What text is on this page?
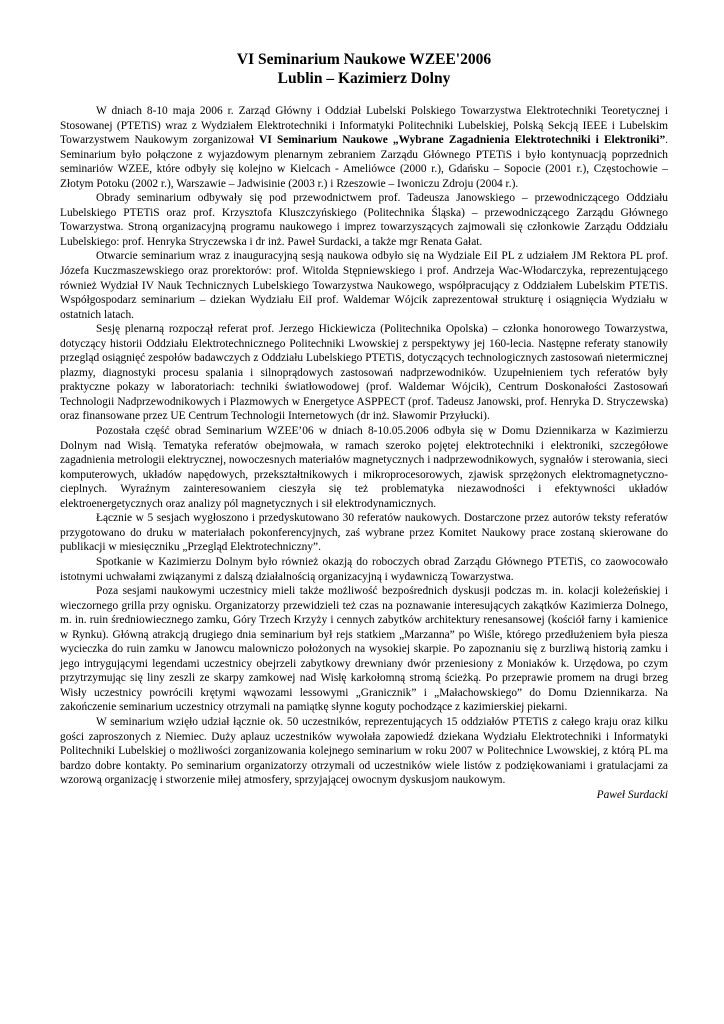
VI Seminarium Naukowe WZEE'2006
Lublin – Kazimierz Dolny

W dniach 8-10 maja 2006 r. Zarząd Główny i Oddział Lubelski Polskiego Towarzystwa Elektrotechniki Teoretycznej i Stosowanej (PTETiS) wraz z Wydziałem Elektrotechniki i Informatyki Politechniki Lubelskiej, Polską Sekcją IEEE i Lubelskim Towarzystwem Naukowym zorganizował VI Seminarium Naukowe „Wybrane Zagadnienia Elektrotechniki i Elektroniki”. Seminarium było połączone z wyjazdowym plenarnym zebraniem Zarządu Głównego PTETiS i było kontynuacją poprzednich seminariów WZEE, które odbyły się kolejno w Kielcach - Ameliówce (2000 r.), Gdańsku – Sopocie (2001 r.), Częstochowie – Złotym Potoku (2002 r.), Warszawie – Jadwisinie (2003 r.) i Rzeszowie – Iwoniczu Zdroju (2004 r.).

Obrady seminarium odbywały się pod przewodnictwem prof. Tadeusza Janowskiego – przewodniczącego Oddziału Lubelskiego PTETiS oraz prof. Krzysztofa Kluszczyńskiego (Politechnika Śląska) – przewodniczącego Zarządu Głównego Towarzystwa. Stroną organizacyjną programu naukowego i imprez towarzyszących zajmowali się członkowie Zarządu Oddziału Lubelskiego: prof. Henryka Stryczewska i dr inż. Paweł Surdacki, a także mgr Renata Gałat.

Otwarcie seminarium wraz z inauguracyjną sesją naukowa odbyło się na Wydziale EiI PL z udziałem JM Rektora PL prof. Józefa Kuczmaszewskiego oraz prorektorów: prof. Witolda Stępniewskiego i prof. Andrzeja Wac-Włodarczyka, reprezentującego również Wydział IV Nauk Technicznych Lubelskiego Towarzystwa Naukowego, współpracujący z Oddziałem Lubelskim PTETiS. Współgospodarz seminarium – dziekan Wydziału EiI prof. Waldemar Wójcik zaprezentował strukturę i osiągnięcia Wydziału w ostatnich latach.

Sesję plenarną rozpoczął referat prof. Jerzego Hickiewicza (Politechnika Opolska) – członka honorowego Towarzystwa, dotyczący historii Oddziału Elektrotechnicznego Politechniki Lwowskiej z perspektywy jej 160-lecia. Następne referaty stanowiły przegląd osiągnięć zespołów badawczych z Oddziału Lubelskiego PTETiS, dotyczących technologicznych zastosowań nietermicznej plazmy, diagnostyki procesu spalania i silnoprądowych zastosowań nadprzewodników. Uzupełnieniem tych referatów były praktyczne pokazy w laboratoriach: techniki światłowodowej (prof. Waldemar Wójcik), Centrum Doskonałości Zastosowań Technologii Nadprzewodnikowych i Plazmowych w Energetyce ASPPECT (prof. Tadeusz Janowski, prof. Henryka D. Stryczewska) oraz finansowane przez UE Centrum Technologii Internetowych (dr inż. Sławomir Przyłucki).

Pozostała część obrad Seminarium WZEE’06 w dniach 8-10.05.2006 odbyła się w Domu Dziennikarza w Kazimierzu Dolnym nad Wisłą. Tematyka referatów obejmowała, w ramach szeroko pojętej elektrotechniki i elektroniki, szczegółowe zagadnienia metrologii elektrycznej, nowoczesnych materiałów magnetycznych i nadprzewodnikowych, sygnałów i sterowania, sieci komputerowych, układów napędowych, przekształtnikowych i mikroprocesorowych, zjawisk sprzężonych elektromagnetyczno-cieplnych. Wyraźnym zainteresowaniem cieszyła się też problematyka niezawodności i efektywności układów elektroenergetycznych oraz analizy pól magnetycznych i sił elektrodynamicznych.

Łącznie w 5 sesjach wygłoszono i przedyskutowano 30 referatów naukowych. Dostarczone przez autorów teksty referatów przygotowano do druku w materiałach pokonferencyjnych, zaś wybrane przez Komitet Naukowy prace zostaną skierowane do publikacji w miesięczniku „Przegląd Elektrotechniczny”.

Spotkanie w Kazimierzu Dolnym było również okazją do roboczych obrad Zarządu Głównego PTETiS, co zaowocowało istotnymi uchwałami związanymi z dalszą działalnością organizacyjną i wydawniczą Towarzystwa.

Poza sesjami naukowymi uczestnicy mieli także możliwość bezpośrednich dyskusji podczas m. in. kolacji koleżeńskiej i wieczornego grilla przy ognisku. Organizatorzy przewidzieli też czas na poznawanie interesujących zakątków Kazimierza Dolnego, m. in. ruin średniowiecznego zamku, Góry Trzech Krzyży i cennych zabytków architektury renesansowej (kościół farny i kamienice w Rynku). Główną atrakcją drugiego dnia seminarium był rejs statkiem „Marzanna” po Wiśle, którego przedłużeniem była piesza wycieczka do ruin zamku w Janowcu malowniczo położonych na wysokiej skarpie. Po zapoznaniu się z burzliwą historią zamku i jego intrygującymi legendami uczestnicy obejrzeli zabytkowy drewniany dwór przeniesiony z Moniaków k. Urzędowa, po czym przytrzymując się liny zeszli ze skarpy zamkowej nad Wisłę karkołomną stromą ścieżką. Po przeprawie promem na drugi brzeg Wisły uczestnicy powrócili krętymi wąwozami lessowymi „Granicznik” i „Małachowskiego” do Domu Dziennikarza. Na zakończenie seminarium uczestnicy otrzymali na pamiątkę słynne koguty pochodzące z kazimierskiej piekarni.

W seminarium wzięło udział łącznie ok. 50 uczestników, reprezentujących 15 oddziałów PTETiS z całego kraju oraz kilku gości zaproszonych z Niemiec. Duży aplauz uczestników wywołała zapowiedź dziekana Wydziału Elektrotechniki i Informatyki Politechniki Lubelskiej o możliwości zorganizowania kolejnego seminarium w roku 2007 w Politechnice Lwowskiej, z którą PL ma bardzo dobre kontakty. Po seminarium organizatorzy otrzymali od uczestników wiele listów z podziękowaniami i gratulacjami za wzorową organizację i stworzenie miłej atmosfery, sprzyjającej owocnym dyskusjom naukowym.

Paweł Surdacki
